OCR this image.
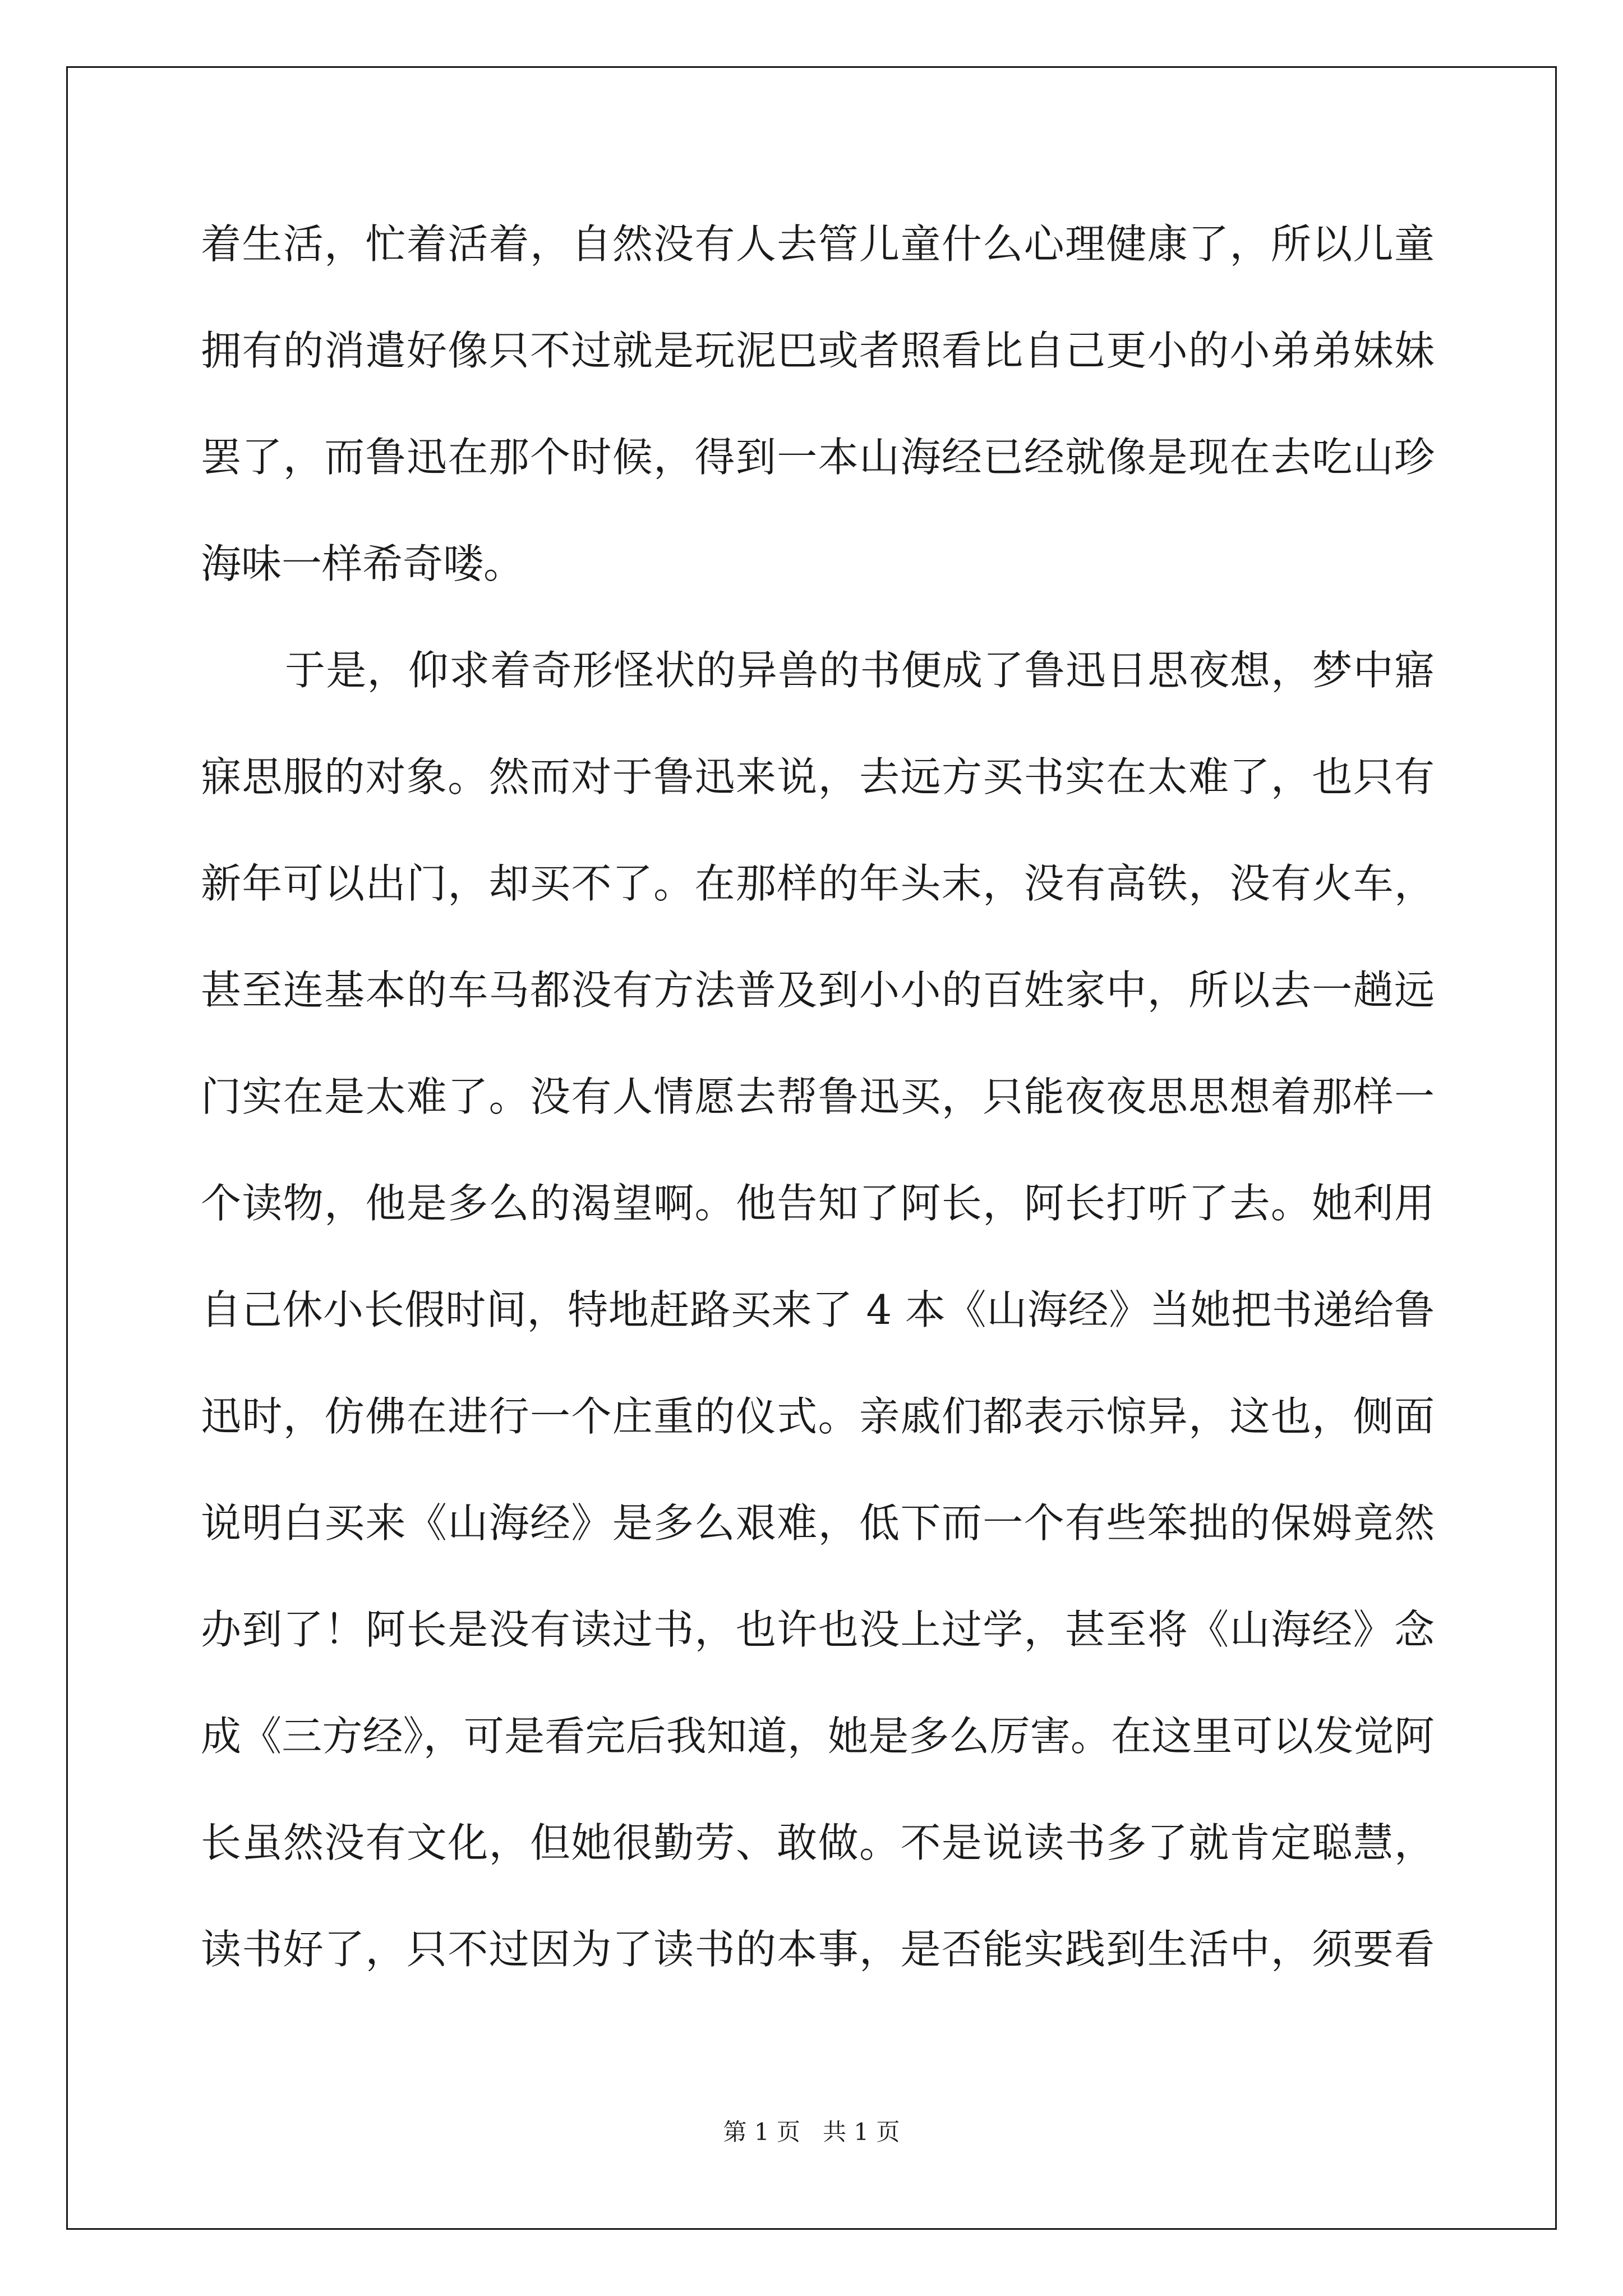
着生活，忙着活着，自然没有人去管儿童什么心理健康了，所以儿童
拥有的消遣好像只不过就是玩泥巴或者照看比自己更小的小弟弟妹妹
罢了，而鲁迅在那个时候，得到一本山海经已经就像是现在去吃山珍
海味一样希奇喽。
于是，仰求着奇形怪状的异兽的书便成了鲁迅日思夜想，梦中寤
寐思服的对象。然而对于鲁迅来说，去远方买书实在太难了，也只有
新年可以出门，却买不了。在那样的年头末，没有高铁，没有火车，
甚至连基本的车马都没有方法普及到小小的百姓家中，所以去一趟远
门实在是太难了。没有人情愿去帮鲁迅买，只能夜夜思思想着那样一
个读物，他是多么的渴望啊。他告知了阿长，阿长打听了去。她利用
自己休小长假时间，特地赶路买来了 4 本《山海经》当她把书递给鲁
迅时，仿佛在进行一个庄重的仪式。亲戚们都表示惊异，这也，侧面
说明白买来《山海经》是多么艰难，低下而一个有些笨拙的保姆竟然
办到了！阿长是没有读过书，也许也没上过学，甚至将《山海经》念
成《三方经》，可是看完后我知道，她是多么厉害。在这里可以发觉阿
长虽然没有文化，但她很勤劳、敢做。不是说读书多了就肯定聪慧，
读书好了，只不过因为了读书的本事，是否能实践到生活中，须要看
第 1 页   共 1 页
